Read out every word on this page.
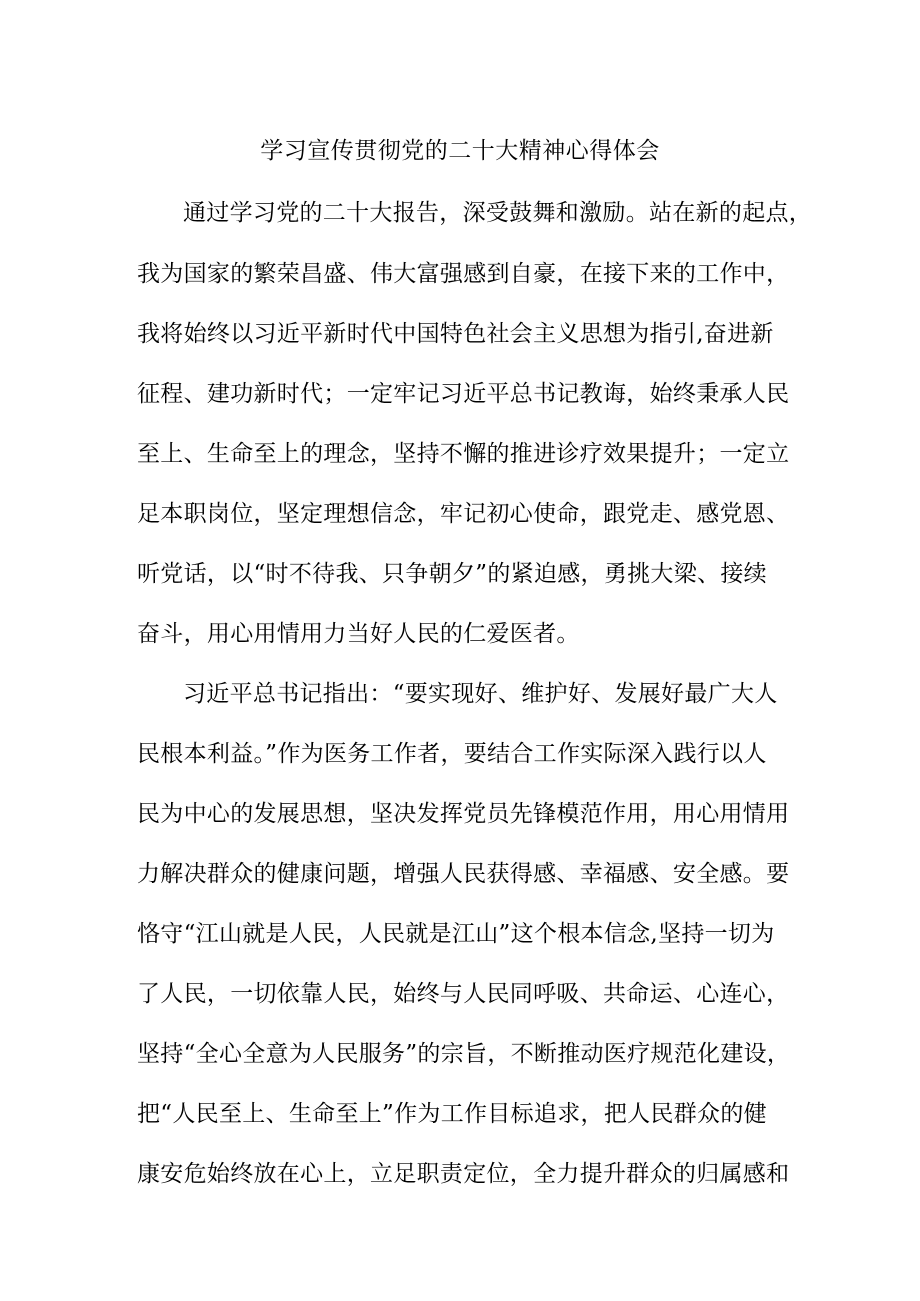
学习宣传贯彻党的二十大精神心得体会

通过学习党的二十大报告，深受鼓舞和激励。站在新的起点，

我为国家的繁荣昌盛、伟大富强感到自豪，在接下来的工作中，

我将始终以习近平新时代中国特色社会主义思想为指引,奋进新

征程、建功新时代；一定牢记习近平总书记教诲，始终秉承人民

至上、生命至上的理念，坚持不懈的推进诊疗效果提升；一定立

足本职岗位，坚定理想信念，牢记初心使命，跟党走、感党恩、

听党话，以“时不待我、只争朝夕”的紧迫感，勇挑大梁、接续

奋斗，用心用情用力当好人民的仁爱医者。

习近平总书记指出：“要实现好、维护好、发展好最广大人

民根本利益。”作为医务工作者，要结合工作实际深入践行以人

民为中心的发展思想，坚决发挥党员先锋模范作用，用心用情用

力解决群众的健康问题，增强人民获得感、幸福感、安全感。要

恪守“江山就是人民，人民就是江山”这个根本信念,坚持一切为

了人民，一切依靠人民，始终与人民同呼吸、共命运、心连心，

坚持“全心全意为人民服务”的宗旨，不断推动医疗规范化建设，

把“人民至上、生命至上”作为工作目标追求，把人民群众的健

康安危始终放在心上，立足职责定位，全力提升群众的归属感和
